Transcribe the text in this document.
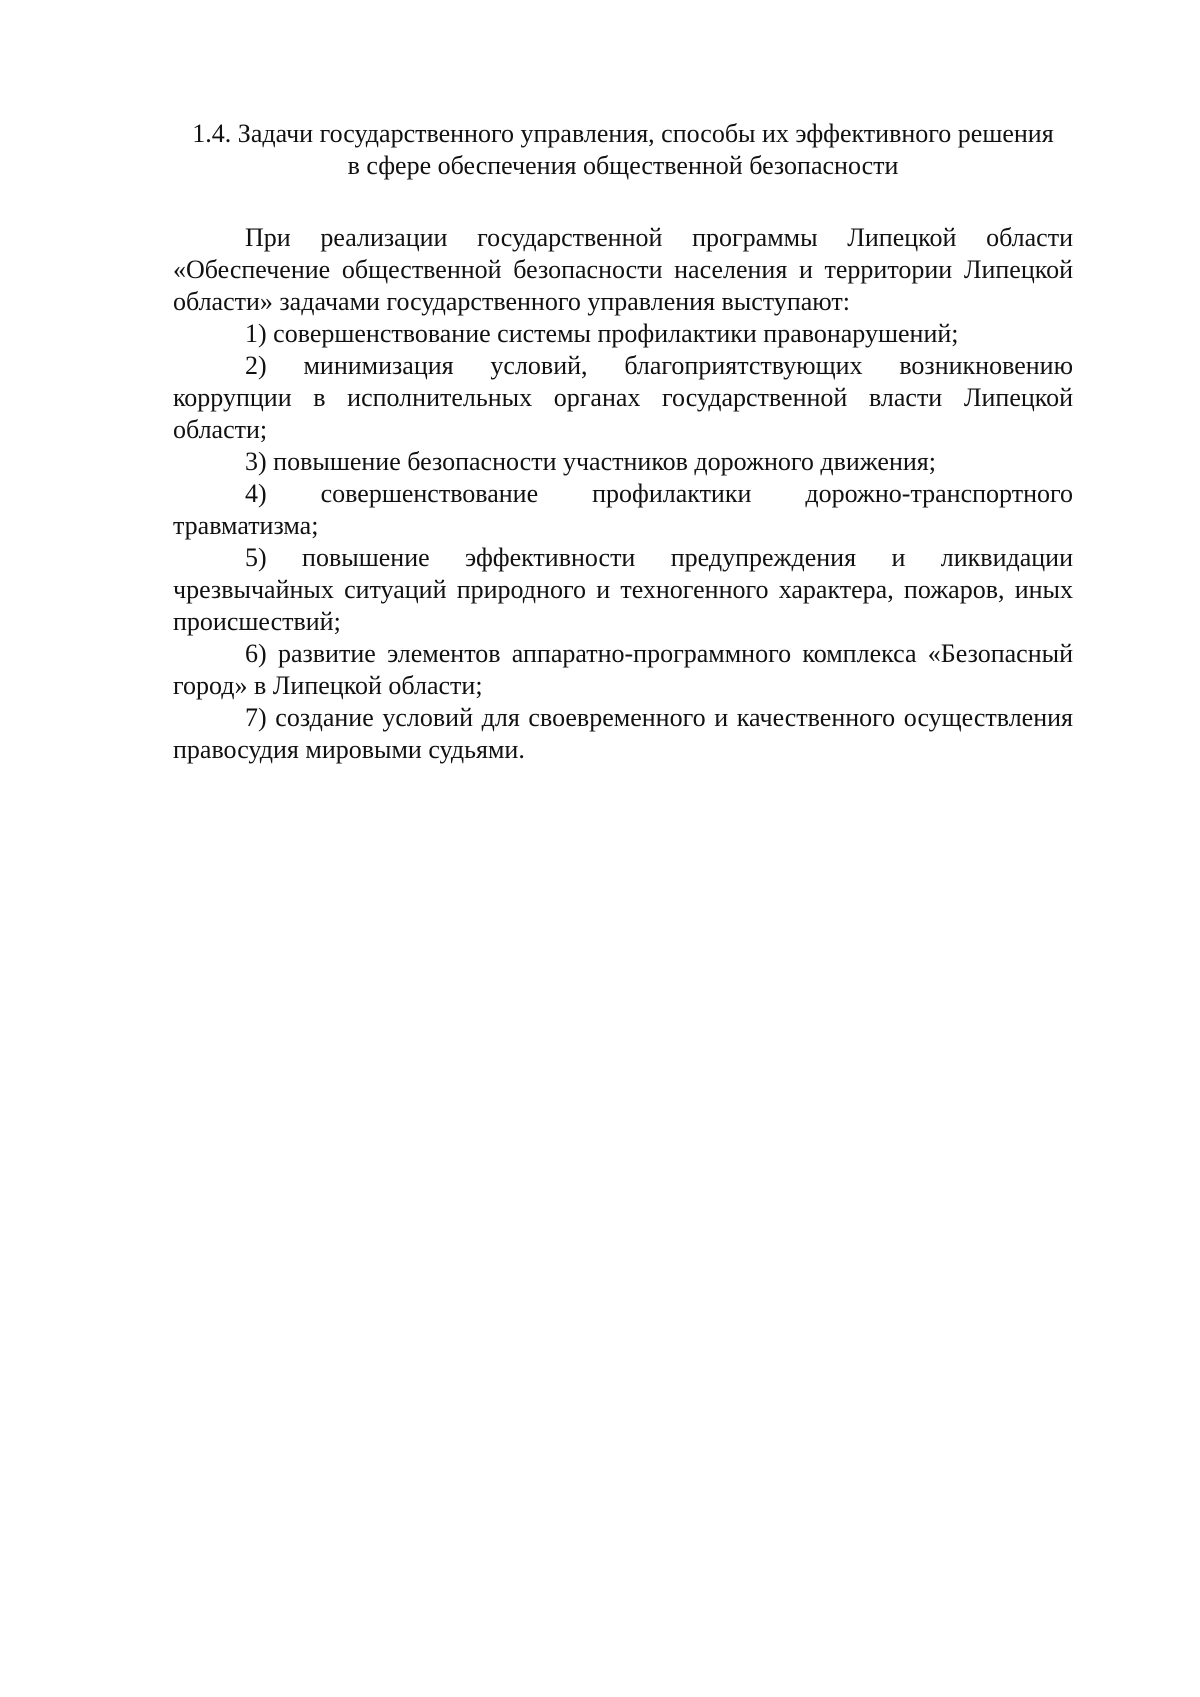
1.4. Задачи государственного управления, способы их эффективного решения
в сфере обеспечения общественной безопасности

При реализации государственной программы Липецкой области «Обеспечение общественной безопасности населения и территории Липецкой области» задачами государственного управления выступают:

1) совершенствование системы профилактики правонарушений;

2) минимизация условий, благоприятствующих возникновению коррупции в исполнительных органах государственной власти Липецкой области;

3) повышение безопасности участников дорожного движения;

4) совершенствование профилактики дорожно-транспортного травматизма;

5) повышение эффективности предупреждения и ликвидации чрезвычайных ситуаций природного и техногенного характера, пожаров, иных происшествий;

6) развитие элементов аппаратно-программного комплекса «Безопасный город» в Липецкой области;

7) создание условий для своевременного и качественного осуществления правосудия мировыми судьями.
